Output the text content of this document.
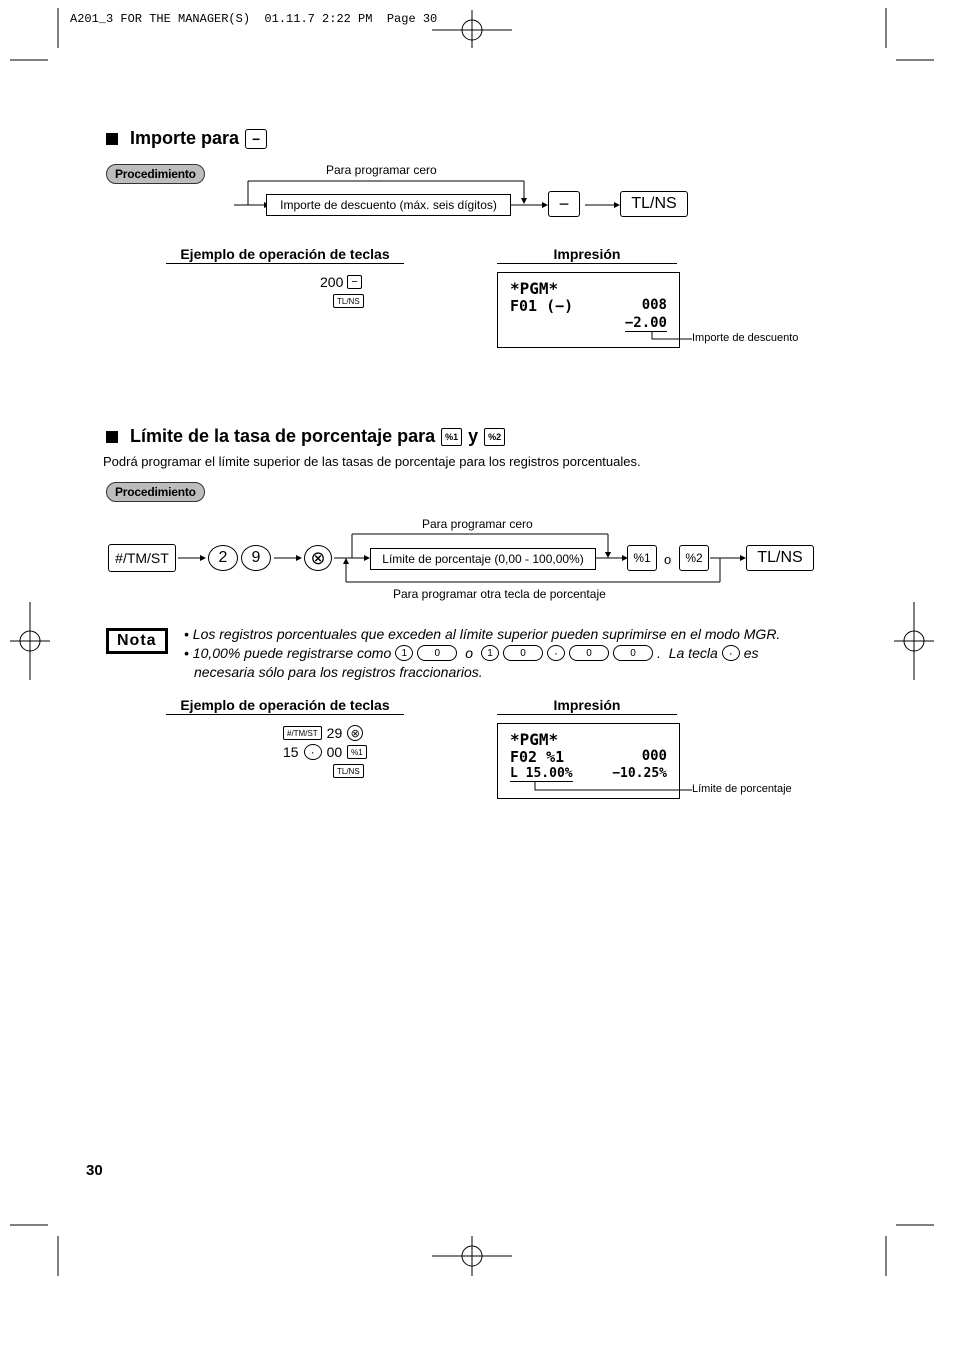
A201_3 FOR THE MANAGER(S)  01.11.7 2:22 PM  Page 30
Importe para −
Procedimiento	Para programar cero
Importe de descuento (máx. seis dígitos)	−	TL/NS
Ejemplo de operación de teclas	Impresión
200 −
TL/NS
*PGM*
F01 (−)	008
−2.00
Importe de descuento
Límite de la tasa de porcentaje para	%1 y	%2
Podrá programar el límite superior de las tasas de porcentaje para los registros porcentuales.
Procedimiento
Para programar cero
Para programar otra tecla de porcentaje
#/TM/ST	2	9	⊗	Límite de porcentaje (0,00 - 100,00%)	%1	o	%2	TL/NS
Nota	• Los registros porcentuales que exceden al límite superior pueden suprimirse en el modo MGR.
• 10,00% puede registrarse como	1	0	o	1	0	·	0	0	.  La tecla · es
necesaria sólo para los registros fraccionarios.
Ejemplo de operación de teclas	Impresión
#/TM/ST 29 ⊗
15	· 00	%1
TL/NS
*PGM*
F02 %1	000
L 15.00%	−10.25%
Límite de porcentaje
30
